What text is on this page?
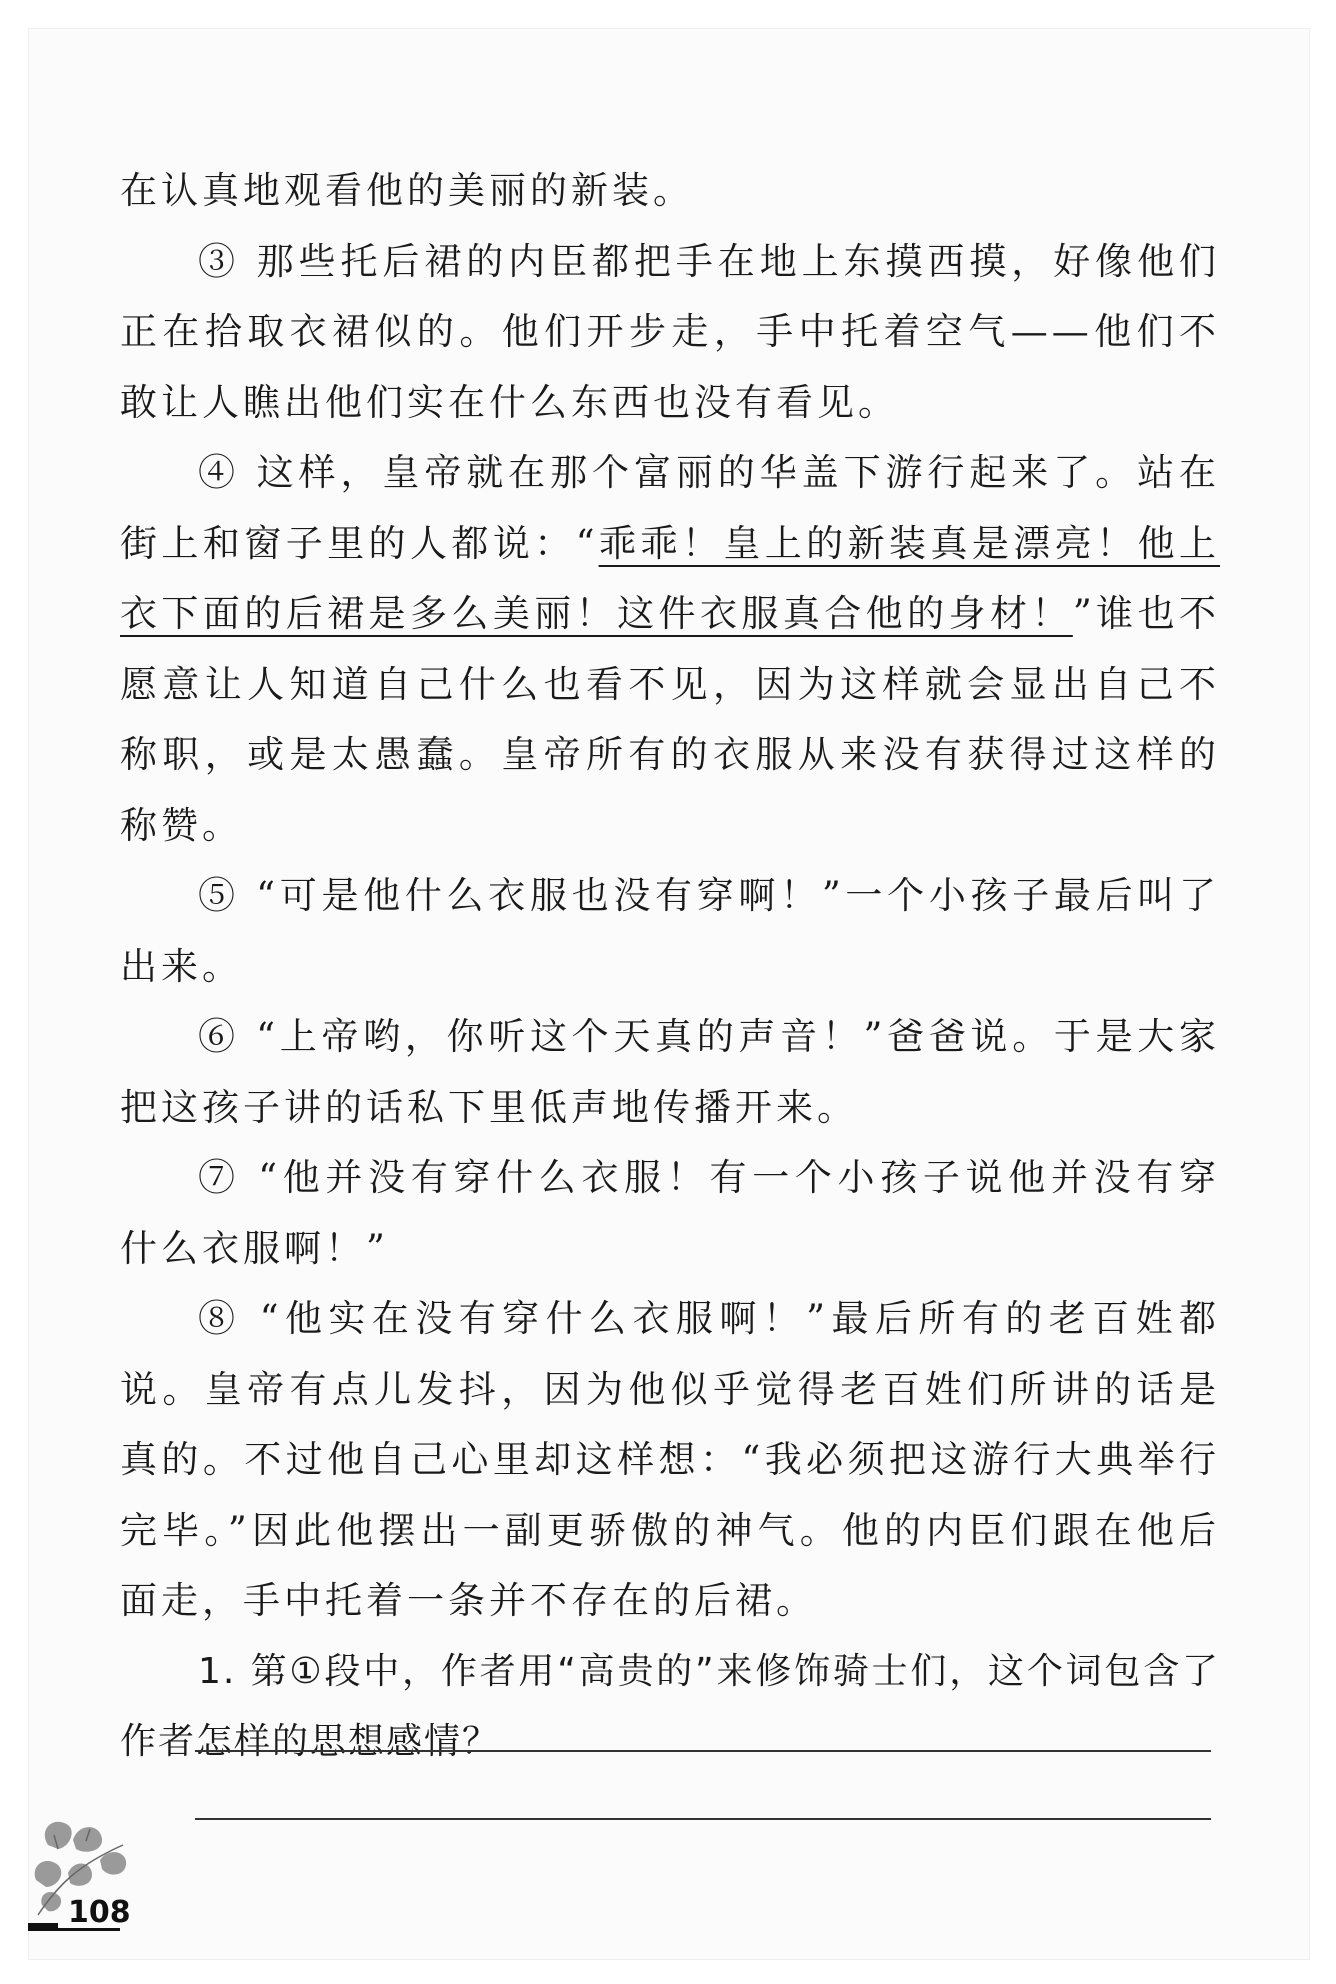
在认真地观看他的美丽的新装。

③ 那些托后裙的内臣都把手在地上东摸西摸，好像他们正在拾取衣裙似的。他们开步走，手中托着空气——他们不敢让人瞧出他们实在什么东西也没有看见。

④ 这样，皇帝就在那个富丽的华盖下游行起来了。站在街上和窗子里的人都说：“乖乖！皇上的新装真是漂亮！他上衣下面的后裙是多么美丽！这件衣服真合他的身材！”谁也不愿意让人知道自己什么也看不见，因为这样就会显出自己不称职，或是太愚蠢。皇帝所有的衣服从来没有获得过这样的称赞。

⑤ “可是他什么衣服也没有穿啊！”一个小孩子最后叫了出来。

⑥ “上帝哟，你听这个天真的声音！”爸爸说。于是大家把这孩子讲的话私下里低声地传播开来。

⑦ “他并没有穿什么衣服！有一个小孩子说他并没有穿什么衣服啊！”

⑧ “他实在没有穿什么衣服啊！”最后所有的老百姓都说。皇帝有点儿发抖，因为他似乎觉得老百姓们所讲的话是真的。不过他自己心里却这样想：“我必须把这游行大典举行完毕。”因此他摆出一副更骄傲的神气。他的内臣们跟在他后面走，手中托着一条并不存在的后裙。

1. 第①段中，作者用“高贵的”来修饰骑士们，这个词包含了作者怎样的思想感情？

108
